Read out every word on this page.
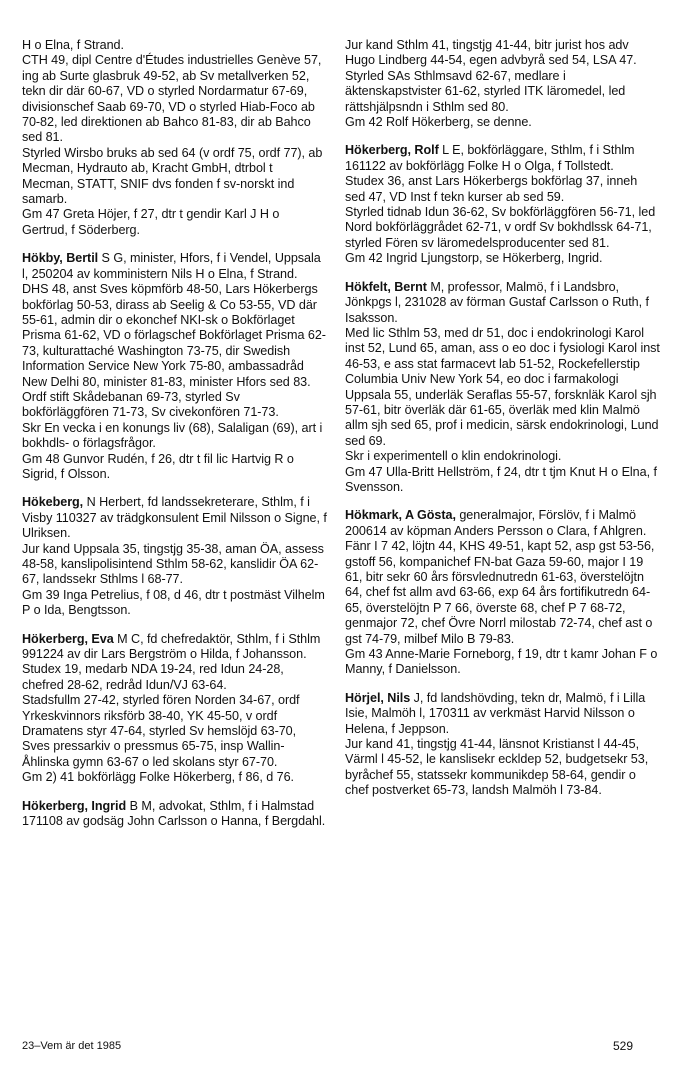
H o Elna, f Strand.

CTH 49, dipl Centre d'Études industrielles Genève 57, ing ab Surte glasbruk 49-52, ab Sv metallverken 52, tekn dir där 60-67, VD o styrled Nordarmatur 67-69, divisionschef Saab 69-70, VD o styrled Hiab-Foco ab 70-82, led direktionen ab Bahco 81-83, dir ab Bahco sed 81.

Styrled Wirsbo bruks ab sed 64 (v ordf 75, ordf 77), ab Mecman, Hydrauto ab, Kracht GmbH, dtrbol t Mecman, STATT, SNIF dvs fonden f sv-norskt ind samarb.

Gm 47 Greta Höjer, f 27, dtr t gendir Karl J H o Gertrud, f Söderberg.

Hökby, Bertil S G, minister, Hfors, f i Vendel, Uppsala l, 250204 av komministern Nils H o Elna, f Strand.

DHS 48, anst Sves köpmförb 48-50, Lars Hökerbergs bokförlag 50-53, dirass ab Seelig & Co 53-55, VD där 55-61, admin dir o ekonchef NKI-sk o Bokförlaget Prisma 61-62, VD o förlagschef Bokförlaget Prisma 62-73, kulturattaché Washington 73-75, dir Swedish Information Service New York 75-80, ambassadråd New Delhi 80, minister 81-83, minister Hfors sed 83.

Ordf stift Skådebanan 69-73, styrled Sv bokförläggfören 71-73, Sv civekonfören 71-73.

Skr En vecka i en konungs liv (68), Salaligan (69), art i bokhdls- o förlagsfrågor.

Gm 48 Gunvor Rudén, f 26, dtr t fil lic Hartvig R o Sigrid, f Olsson.

Hökeberg, N Herbert, fd landssekreterare, Sthlm, f i Visby 110327 av trädgkonsulent Emil Nilsson o Signe, f Ulriksen.

Jur kand Uppsala 35, tingstjg 35-38, aman ÖA, assess 48-58, kanslipolisintend Sthlm 58-62, kanslidir ÖA 62-67, landssekr Sthlms l 68-77.

Gm 39 Inga Petrelius, f 08, d 46, dtr t postmäst Vilhelm P o Ida, Bengtsson.

Hökerberg, Eva M C, fd chefredaktör, Sthlm, f i Sthlm 991224 av dir Lars Bergström o Hilda, f Johansson.

Studex 19, medarb NDA 19-24, red Idun 24-28, chefred 28-62, redråd Idun/VJ 63-64.

Stadsfullm 27-42, styrled fören Norden 34-67, ordf Yrkeskvinnors riksförb 38-40, YK 45-50, v ordf Dramatens styr 47-64, styrled Sv hemslöjd 63-70, Sves pressarkiv o pressmus 65-75, insp Wallin-Åhlinska gymn 63-67 o led skolans styr 67-70.

Gm 2) 41 bokförlägg Folke Hökerberg, f 86, d 76.

Hökerberg, Ingrid B M, advokat, Sthlm, f i Halmstad 171108 av godsäg John Carlsson o Hanna, f Bergdahl.

Jur kand Sthlm 41, tingstjg 41-44, bitr jurist hos adv Hugo Lindberg 44-54, egen advbyrå sed 54, LSA 47.

Styrled SAs Sthlmsavd 62-67, medlare i äktenskapstvister 61-62, styrled ITK läromedel, led rättshjälpsndn i Sthlm sed 80.

Gm 42 Rolf Hökerberg, se denne.

Hökerberg, Rolf L E, bokförläggare, Sthlm, f i Sthlm 161122 av bokförlägg Folke H o Olga, f Tollstedt.

Studex 36, anst Lars Hökerbergs bokförlag 37, inneh sed 47, VD Inst f tekn kurser ab sed 59.

Styrled tidnab Idun 36-62, Sv bokförläggfören 56-71, led Nord bokförläggrådet 62-71, v ordf Sv bokhdlssk 64-71, styrled Fören sv läromedelsproducenter sed 81.

Gm 42 Ingrid Ljungstorp, se Hökerberg, Ingrid.

Hökfelt, Bernt M, professor, Malmö, f i Landsbro, Jönkpgs l, 231028 av förman Gustaf Carlsson o Ruth, f Isaksson.

Med lic Sthlm 53, med dr 51, doc i endokrinologi Karol inst 52, Lund 65, aman, ass o eo doc i fysiologi Karol inst 46-53, e ass stat farmacevt lab 51-52, Rockefellerstip Columbia Univ New York 54, eo doc i farmakologi Uppsala 55, underläk Seraflas 55-57, forsknläk Karol sjh 57-61, bitr överläk där 61-65, överläk med klin Malmö allm sjh sed 65, prof i medicin, särsk endokrinologi, Lund sed 69.

Skr i experimentell o klin endokrinologi.

Gm 47 Ulla-Britt Hellström, f 24, dtr t tjm Knut H o Elna, f Svensson.

Hökmark, A Gösta, generalmajor, Förslöv, f i Malmö 200614 av köpman Anders Persson o Clara, f Ahlgren.

Fänr I 7 42, löjtn 44, KHS 49-51, kapt 52, asp gst 53-56, gstoff 56, kompanichef FN-bat Gaza 59-60, major I 19 61, bitr sekr 60 års försvlednutredn 61-63, överstelöjtn 64, chef fst allm avd 63-66, exp 64 års fortifikutredn 64-65, överstelöjtn P 7 66, överste 68, chef P 7 68-72, genmajor 72, chef Övre Norrl milostab 72-74, chef ast o gst 74-79, milbef Milo B 79-83.

Gm 43 Anne-Marie Forneborg, f 19, dtr t kamr Johan F o Manny, f Danielsson.

Hörjel, Nils J, fd landshövding, tekn dr, Malmö, f i Lilla Isie, Malmöh l, 170311 av verkmäst Harvid Nilsson o Helena, f Jeppson.

Jur kand 41, tingstjg 41-44, länsnot Kristianst l 44-45, Värml l 45-52, le kanslisekr eckldep 52, budgetsekr 53, byråchef 55, statssekr kommunikdep 58-64, gendir o chef postverket 65-73, landsh Malmöh l 73-84.

23–Vem är det 1985	529
